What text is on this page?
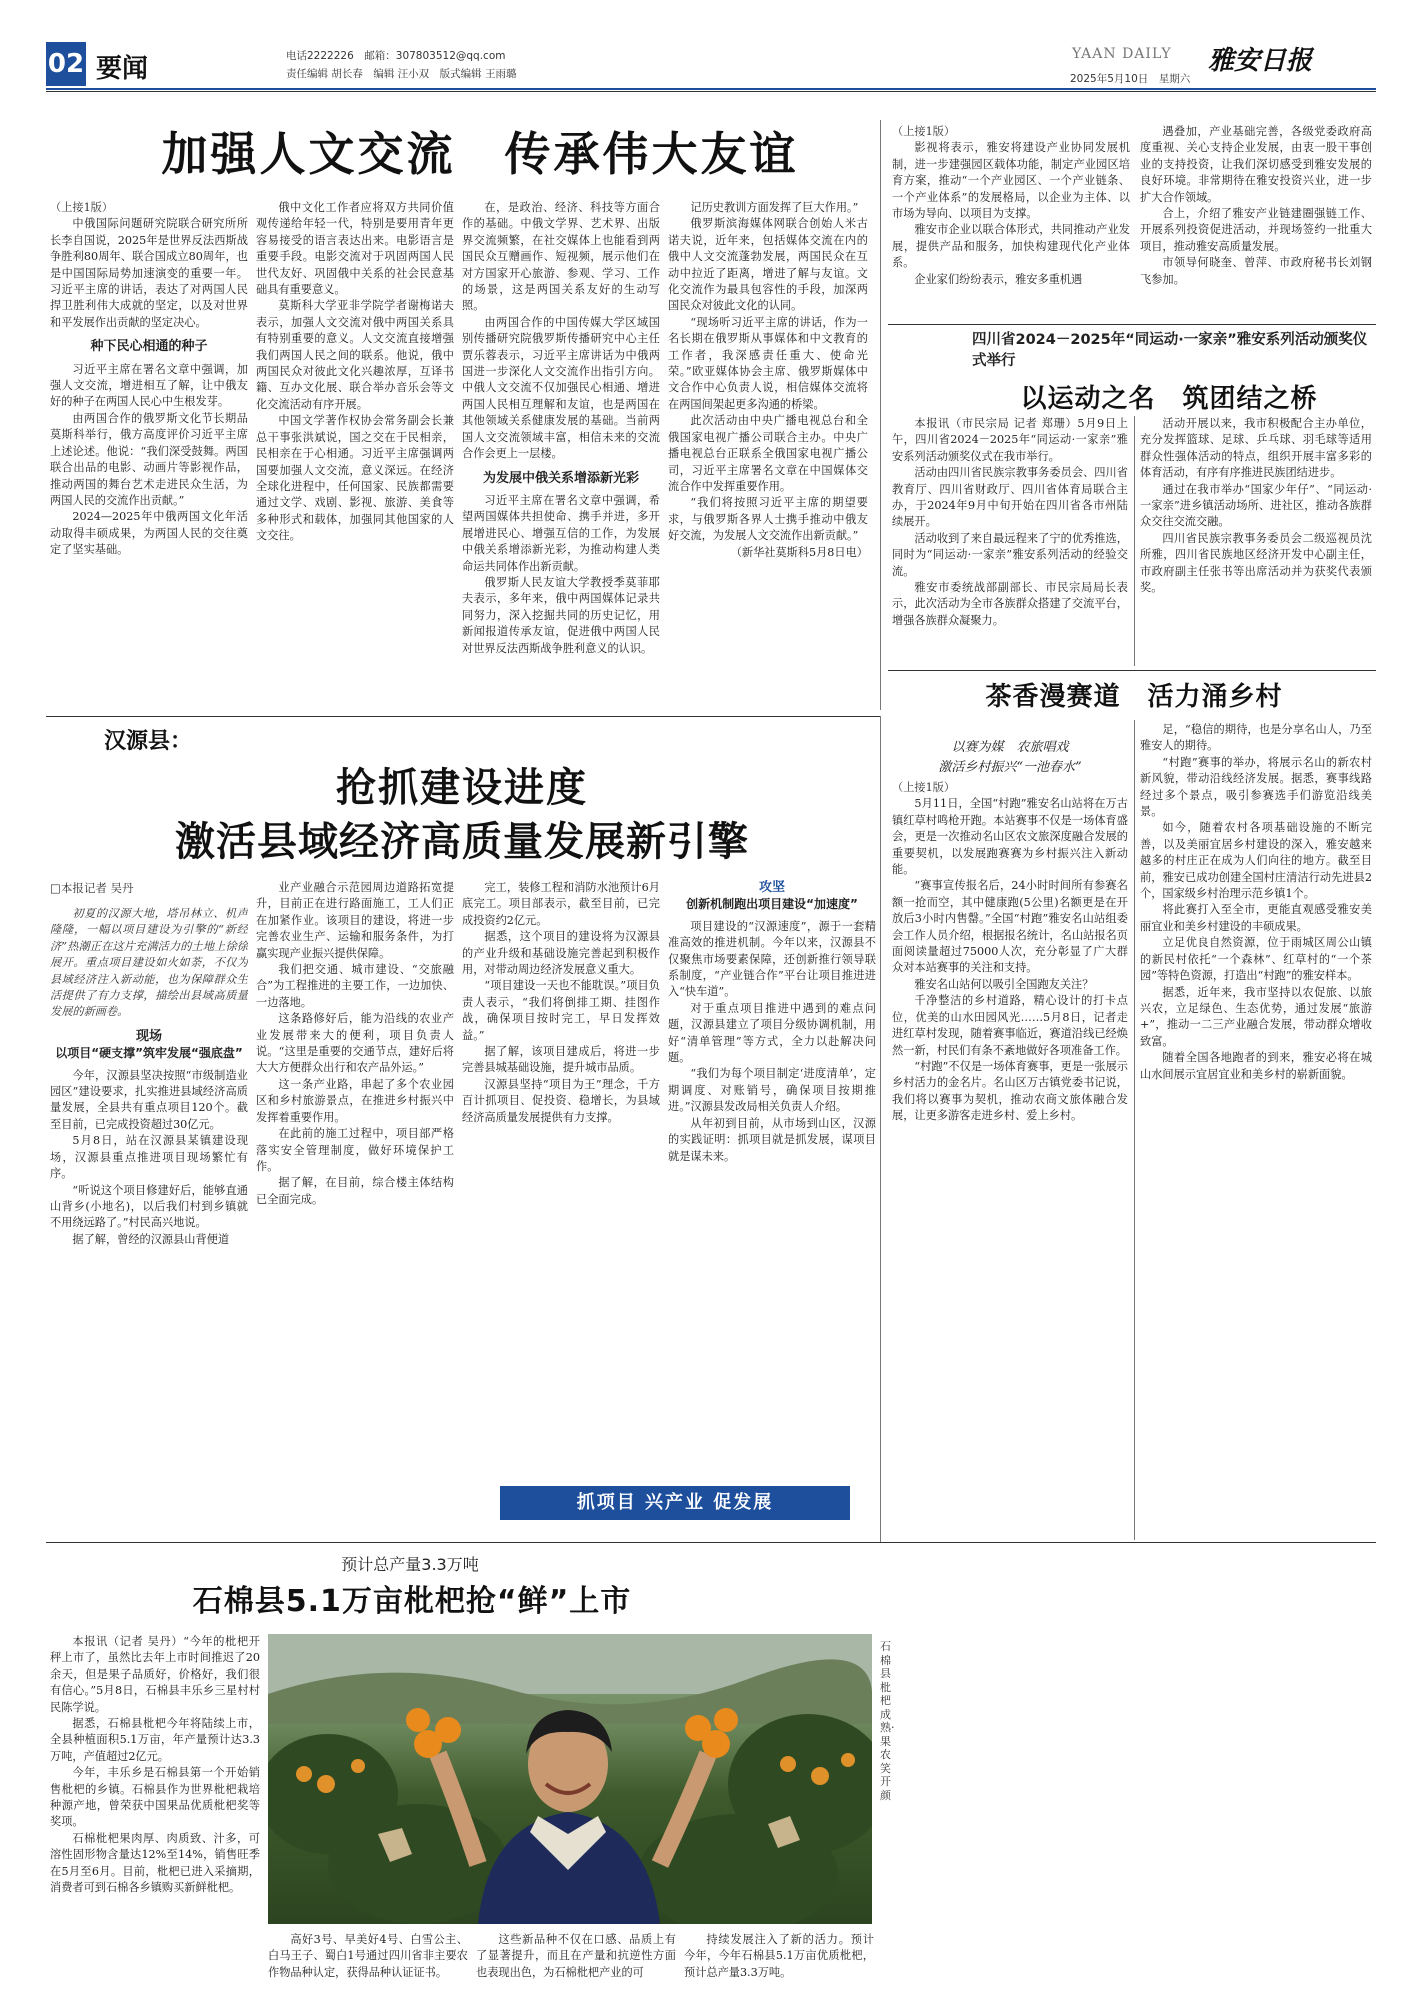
02 要闻	电话2222226　邮箱：307803512@qq.com
责任编辑 胡长春　编辑 汪小双　版式编辑 王雨璐
YAAN DAILY 雅安日报
2025年5月10日　星期六
加强人文交流　传承伟大友谊

（上接1版）

中俄国际问题研究院联合研究所所长李自国说，2025年是世界反法西斯战争胜利80周年、联合国成立80周年，也是中国国际局势加速演变的重要一年。习近平主席的讲话，表达了对两国人民捍卫胜利伟大成就的坚定，以及对世界和平发展作出贡献的坚定决心。

种下民心相通的种子

习近平主席在署名文章中强调，加强人文交流，增进相互了解，让中俄友好的种子在两国人民心中生根发芽。

由两国合作的俄罗斯文化节长期品莫斯科举行，俄方高度评价习近平主席上述论述。他说：“我们深受鼓舞。两国联合出品的电影、动画片等影视作品，推动两国的舞台艺术走进民众生活，为两国人民的交流作出贡献。”

2024—2025年中俄两国文化年活动取得丰硕成果，为两国人民的交往奠定了坚实基础。

俄中文化工作者应将双方共同价值观传递给年轻一代，特别是要用青年更容易接受的语言表达出来。电影语言是重要手段。电影交流对于巩固两国人民世代友好、巩固俄中关系的社会民意基础具有重要意义。

莫斯科大学亚非学院学者谢梅诺夫表示，加强人文交流对俄中两国关系具有特别重要的意义。人文交流直接增强我们两国人民之间的联系。他说，俄中两国民众对彼此文化兴趣浓厚，互译书籍、互办文化展、联合举办音乐会等文化交流活动有序开展。

中国文学著作权协会常务副会长兼总干事张洪斌说，国之交在于民相亲，民相亲在于心相通。习近平主席强调两国要加强人文交流，意义深远。在经济全球化进程中，任何国家、民族都需要通过文学、戏剧、影视、旅游、美食等多种形式和载体，加强同其他国家的人文交往。

在，是政治、经济、科技等方面合作的基础。中俄文学界、艺术界、出版界交流频繁，在社交媒体上也能看到两国民众互赠画作、短视频，展示他们在对方国家开心旅游、参观、学习、工作的场景，这是两国关系友好的生动写照。

由两国合作的中国传媒大学区域国别传播研究院俄罗斯传播研究中心主任贾乐蓉表示，习近平主席讲话为中俄两国进一步深化人文交流作出指引方向。中俄人文交流不仅加强民心相通、增进两国人民相互理解和友谊，也是两国在其他领域关系健康发展的基础。当前两国人文交流领域丰富，相信未来的交流合作会更上一层楼。

为发展中俄关系增添新光彩

习近平主席在署名文章中强调，希望两国媒体共担使命、携手并进，多开展增进民心、增强互信的工作，为发展中俄关系增添新光彩，为推动构建人类命运共同体作出新贡献。

俄罗斯人民友谊大学教授季莫菲耶夫表示，多年来，俄中两国媒体记录共同努力，深入挖掘共同的历史记忆，用新闻报道传承友谊，促进俄中两国人民对世界反法西斯战争胜利意义的认识。

记历史教训方面发挥了巨大作用。”

俄罗斯滨海媒体网联合创始人米古诺夫说，近年来，包括媒体交流在内的俄中人文交流蓬勃发展，两国民众在互动中拉近了距离，增进了解与友谊。文化交流作为最具包容性的手段，加深两国民众对彼此文化的认同。

“现场听习近平主席的讲话，作为一名长期在俄罗斯从事媒体和中文教育的工作者，我深感责任重大、使命光荣。”欧亚媒体协会主席、俄罗斯媒体中文合作中心负责人说，相信媒体交流将在两国间架起更多沟通的桥梁。

此次活动由中央广播电视总台和全俄国家电视广播公司联合主办。中央广播电视总台正联系全俄国家电视广播公司，习近平主席署名文章在中国媒体交流合作中发挥重要作用。

“我们将按照习近平主席的期望要求，与俄罗斯各界人士携手推动中俄友好交流，为发展人文交流作出新贡献。”

（新华社莫斯科5月8日电）

（上接1版）

影视将表示，雅安将建设产业协同发展机制，进一步建强园区载体功能，制定产业园区培育方案，推动“一个产业园区、一个产业链条、一个产业体系”的发展格局，以企业为主体、以市场为导向、以项目为支撑。

雅安市企业以联合体形式，共同推动产业发展，提供产品和服务，加快构建现代化产业体系。

企业家们纷纷表示，雅安多重机遇

遇叠加，产业基础完善，各级党委政府高度重视、关心支持企业发展，由衷一股干事创业的支持投资，让我们深切感受到雅安发展的良好环境。非常期待在雅安投资兴业，进一步扩大合作领域。

合上，介绍了雅安产业链建圈强链工作、开展系列投资促进活动，并现场签约一批重大项目，推动雅安高质量发展。

市领导何晓奎、曾萍、市政府秘书长刘钢飞参加。

四川省2024－2025年“同运动·一家亲”雅安系列活动颁奖仪式举行
以运动之名　筑团结之桥

本报讯（市民宗局 记者 郑珊）5月9日上午，四川省2024－2025年“同运动·一家亲”雅安系列活动颁奖仪式在我市举行。

活动由四川省民族宗教事务委员会、四川省教育厅、四川省财政厅、四川省体育局联合主办，于2024年9月中旬开始在四川省各市州陆续展开。

活动收到了来自最远程来了宁的优秀推选，同时为“同运动·一家亲”雅安系列活动的经验交流。

雅安市委统战部副部长、市民宗局局长表示，此次活动为全市各族群众搭建了交流平台，增强各族群众凝聚力。

活动开展以来，我市积极配合主办单位，充分发挥篮球、足球、乒乓球、羽毛球等适用群众性强体活动的特点，组织开展丰富多彩的体育活动，有序有序推进民族团结进步。

通过在我市举办“国家少年仔”、“同运动·一家亲”进乡镇活动场所、进社区，推动各族群众交往交流交融。

四川省民族宗教事务委员会二级巡视员沈所雅，四川省民族地区经济开发中心副主任，市政府副主任张书等出席活动并为获奖代表颁奖。

茶香漫赛道　活力涌乡村
以赛为媒　农旅唱戏
激活乡村振兴“一池春水”

（上接1版）

5月11日，全国“村跑”雅安名山站将在万古镇红草村鸣枪开跑。本站赛事不仅是一场体育盛会，更是一次推动名山区农文旅深度融合发展的重要契机，以发展跑赛赛为乡村振兴注入新动能。

“赛事宣传报名后，24小时时间所有参赛名额一抢而空，其中健康跑(5公里)名额更是在开放后3小时内售罄。”全国“村跑”雅安名山站组委会工作人员介绍，根据报名统计，名山站报名页面阅读量超过75000人次，充分彰显了广大群众对本站赛事的关注和支持。

雅安名山站何以吸引全国跑友关注？

千净整洁的乡村道路，精心设计的打卡点位，优美的山水田园风光……5月8日，记者走进红草村发现，随着赛事临近，赛道沿线已经焕然一新，村民们有条不紊地做好各项准备工作。

“村跑”不仅是一场体育赛事，更是一张展示乡村活力的金名片。名山区万古镇党委书记说，我们将以赛事为契机，推动农商文旅体融合发展，让更多游客走进乡村、爱上乡村。

足，“稳信的期待，也是分享名山人，乃至雅安人的期待。

“村跑”赛事的举办，将展示名山的新农村新风貌，带动沿线经济发展。据悉，赛事线路经过多个景点，吸引参赛选手们游览沿线美景。

如今，随着农村各项基础设施的不断完善，以及美丽宜居乡村建设的深入，雅安越来越多的村庄正在成为人们向往的地方。截至目前，雅安已成功创建全国村庄清洁行动先进县2个，国家级乡村治理示范乡镇1个。

将此赛打入至全市，更能直观感受雅安美丽宜业和美乡村建设的丰硕成果。

立足优良自然资源，位于雨城区周公山镇的新民村依托“一个森林”、红草村的“一个茶园”等特色资源，打造出“村跑”的雅安样本。

据悉，近年来，我市坚持以农促旅、以旅兴农，立足绿色、生态优势，通过发展“旅游+”，推动一二三产业融合发展，带动群众增收致富。

随着全国各地跑者的到来，雅安必将在城山水间展示宜居宜业和美乡村的崭新面貌。

汉源县：
抢抓建设进度
激活县域经济高质量发展新引擎
□本报记者 吴丹

初夏的汉源大地，塔吊林立、机声隆隆，一幅以项目建设为引擎的“新经济”热潮正在这片充满活力的土地上徐徐展开。重点项目建设如火如荼，不仅为县域经济注入新动能，也为保障群众生活提供了有力支撑，描绘出县域高质量发展的新画卷。

现场
以项目“硬支撑”筑牢发展“强底盘”

今年，汉源县坚决按照“市级制造业园区”建设要求，扎实推进县域经济高质量发展，全县共有重点项目120个。截至目前，已完成投资超过30亿元。

5月8日，站在汉源县某镇建设现场，汉源县重点推进项目现场繁忙有序。

“听说这个项目修建好后，能够直通山背乡(小地名)，以后我们村到乡镇就不用绕远路了。”村民高兴地说。

据了解，曾经的汉源县山背便道

业产业融合示范园周边道路拓宽提升，目前正在进行路面施工，工人们正在加紧作业。该项目的建设，将进一步完善农业生产、运输和服务条件，为打赢实现产业振兴提供保障。

我们把交通、城市建设、“交旅融合”为工程推进的主要工作，一边加快、一边落地。

这条路修好后，能为沿线的农业产业发展带来大的便利，项目负责人说。“这里是重要的交通节点，建好后将大大方便群众出行和农产品外运。”

这一条产业路，串起了多个农业园区和乡村旅游景点，在推进乡村振兴中发挥着重要作用。

在此前的施工过程中，项目部严格落实安全管理制度，做好环境保护工作。

据了解，在目前，综合楼主体结构已全面完成。

完工，装修工程和消防水池预计6月底完工。项目部表示，截至目前，已完成投资约2亿元。

据悉，这个项目的建设将为汉源县的产业升级和基础设施完善起到积极作用，对带动周边经济发展意义重大。

“项目建设一天也不能耽误。”项目负责人表示，“我们将倒排工期、挂图作战，确保项目按时完工，早日发挥效益。”

据了解，该项目建成后，将进一步完善县城基础设施，提升城市品质。

汉源县坚持“项目为王”理念，千方百计抓项目、促投资、稳增长，为县域经济高质量发展提供有力支撑。

攻坚
创新机制跑出项目建设“加速度”

项目建设的“汉源速度”，源于一套精准高效的推进机制。今年以来，汉源县不仅聚焦市场要素保障，还创新推行领导联系制度，“产业链合作”平台让项目推进进入“快车道”。

对于重点项目推进中遇到的难点问题，汉源县建立了项目分级协调机制，用好“清单管理”等方式，全力以赴解决问题。

“我们为每个项目制定‘进度清单’，定期调度、对账销号，确保项目按期推进。”汉源县发改局相关负责人介绍。

从年初到目前，从市场到山区，汉源的实践证明：抓项目就是抓发展，谋项目就是谋未来。

抓项目 兴产业 促发展
预计总产量3.3万吨
石棉县5.1万亩枇杷抢“鲜”上市

本报讯（记者 吴丹）“今年的枇杷开秤上市了，虽然比去年上市时间推迟了20余天，但是果子品质好，价格好，我们很有信心。”5月8日，石棉县丰乐乡三星村村民陈学说。

据悉，石棉县枇杷今年将陆续上市，全县种植面积5.1万亩，年产量预计达3.3万吨，产值超过2亿元。

今年，丰乐乡是石棉县第一个开始销售枇杷的乡镇。石棉县作为世界枇杷栽培种源产地，曾荣获中国果品优质枇杷奖等奖项。

石棉枇杷果肉厚、肉质致、汁多，可溶性固形物含量达12%至14%，销售旺季在5月至6月。目前，枇杷已进入采摘期，消费者可到石棉各乡镇购买新鲜枇杷。

石棉县枇杷成熟·果农笑开颜

高好3号、早美好4号、白雪公主、白马王子、蜀白1号通过四川省非主要农作物品种认定，获得品种认证证书。

这些新品种不仅在口感、品质上有了显著提升，而且在产量和抗逆性方面也表现出色，为石棉枇杷产业的可

持续发展注入了新的活力。预计今年，今年石棉县5.1万亩优质枇杷，预计总产量3.3万吨。
